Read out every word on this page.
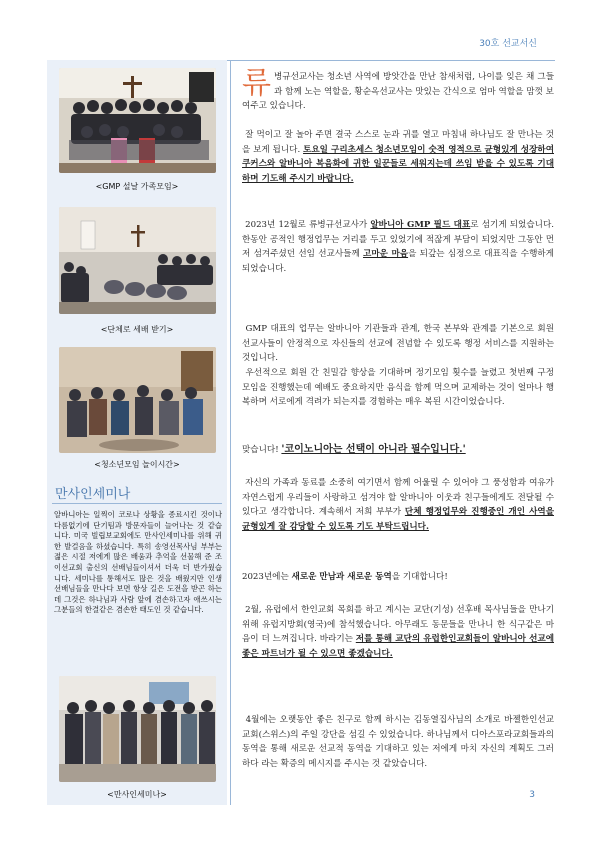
30호 선교서신
<GMP 설날 가족모임>
<단체로 세배 받기>
<청소년모임 놀이시간>
만사인세미나

알바니아는 일찍이 코로나 상황을 종료시킨 것이나 다름없기에 단기팀과 방문자들이 늘어나는 것 같습니다. 미국 빌립보교회에도 만사인세미나를 위해 귀한 발걸음을 하셨습니다. 특히 송영선목사님 부부는 젊은 시절 저에게 많은 배움과 추억을 선물해 준 조이선교회 출신의 선배님들이셔서 더욱 더 반가웠습니다. 세미나를 통해서도 많은 것을 배웠지만 인생 선배님들을 만나다 보면 항상 길은 도전을 받곤 하는데 그것은 하나님과 사람 앞에 겸손하고자 애쓰시는 그분들의 한결같은 겸손한 태도인 것 같습니다.

<만사인세미나>

류병규선교사는 청소년 사역에 방앗간을 만난 참새처럼, 나이를 잊은 채 그들과 함께 노는 역할을, 황순옥선교사는 맛있는 간식으로 엄마 역할을 맘껏 보여주고 있습니다.

잘 먹이고 잘 놀아 주면 결국 스스로 눈과 귀를 열고 마침내 하나님도 잘 만나는 것을 보게 됩니다. 토요일 구리초세스 청소년모임이 숫적 영적으로 균형있게 성장하여 쿠커스와 알바니아 복음화에 귀한 일꾼들로 세워지는데 쓰임 받을 수 있도록 기대하며 기도해 주시기 바랍니다.

2023년 12월로 류병규선교사가 알바니아 GMP 필드 대표로 섬기게 되었습니다. 한동안 공적인 행정업무는 거리를 두고 있었기에 적잖게 부담이 되었지만 그동안 먼저 섬겨주셨던 선임 선교사들께 고마운 마음을 되갚는 심정으로 대표직을 수행하게 되었습니다.

GMP 대표의 업무는 알바니아 기관들과 관계, 한국 본부와 관계를 기본으로 회원 선교사들이 안정적으로 자신들의 선교에 전념할 수 있도록 행정 서비스를 지원하는 것입니다.

우선적으로 회원 간 친밀감 향상을 기대하며 정기모임 횟수를 늘렸고 첫번째 구정모임을 진행했는데 예배도 중요하지만 음식을 함께 먹으며 교제하는 것이 얼마나 행복하며 서로에게 격려가 되는지를 경험하는 매우 복된 시간이었습니다.

맞습니다! '코이노니아는 선택이 아니라 필수입니다.'

자신의 가족과 동료를 소중히 여기면서 함께 어울릴 수 있어야 그 풍성함과 여유가 자연스럽게 우리들이 사랑하고 섬겨야 할 알바니아 이웃과 친구들에게도 전달될 수 있다고 생각합니다. 계속해서 저희 부부가 단체 행정업무와 진행중인 개인 사역을 균형있게 잘 감당할 수 있도록 기도 부탁드립니다.

2023년에는 새로운 만남과 새로운 동역을 기대합니다!

2월, 유럽에서 한인교회 목회를 하고 계시는 교단(기성) 선후배 목사님들을 만나기 위해 유럽지방회(영국)에 참석했습니다. 아무래도 동문들을 만나니 한 식구같은 마음이 더 느껴집니다. 바라기는 저를 통해 교단의 유럽한인교회들이 알바니아 선교에 좋은 파트너가 될 수 있으면 좋겠습니다.

4월에는 오랫동안 좋은 친구로 함께 하시는 김동열집사님의 소개로 바젤한인선교교회(스위스)의 주일 강단을 섬길 수 있었습니다. 하나님께서 디아스포라교회들과의 동역을 통해 새로운 선교적 동역을 기대하고 있는 저에게 마치 자신의 계획도 그러하다 라는 확증의 메시지를 주시는 것 같았습니다.

3
